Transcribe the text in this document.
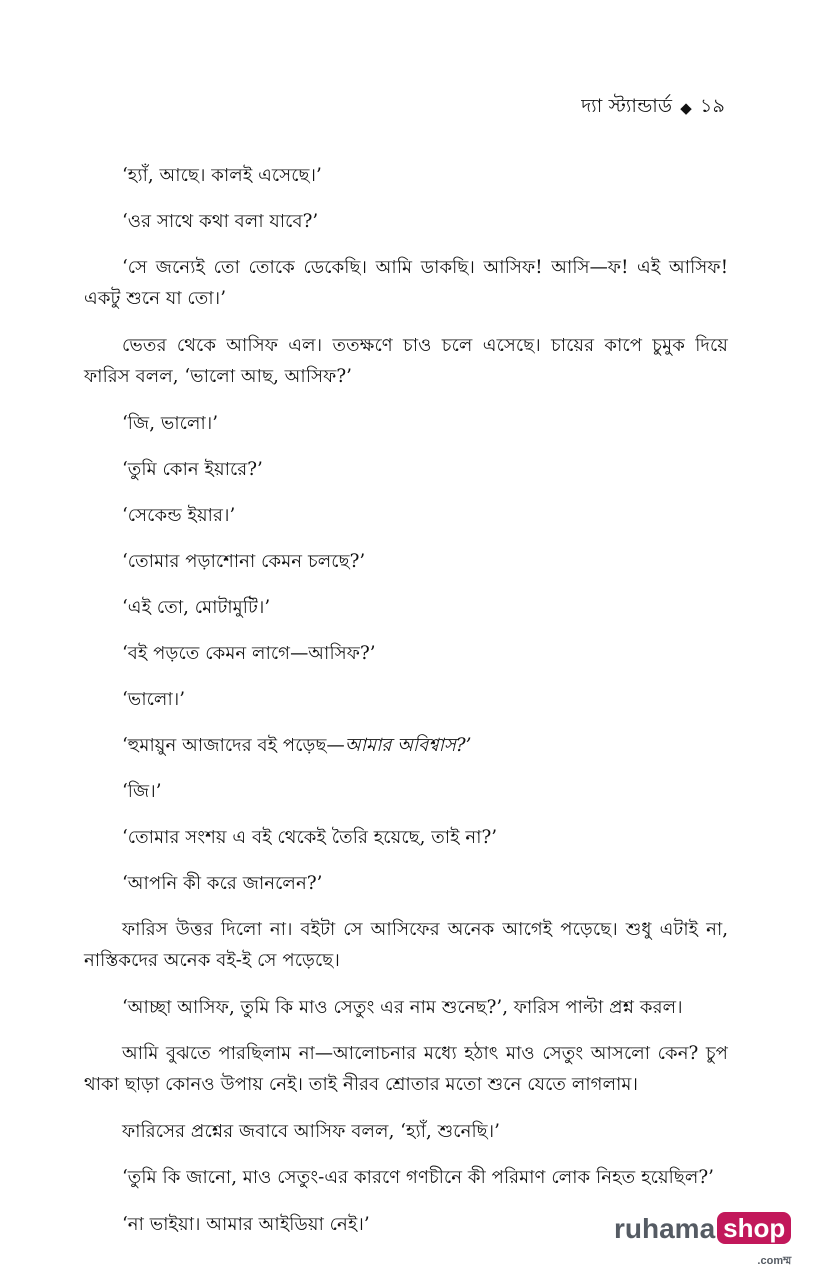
দ্যা স্ট্যান্ডার্ড ◆ ১৯

‘হ্যাঁ, আছে। কালই এসেছে।’

‘ওর সাথে কথা বলা যাবে?’

‘সে জন্যেই তো তোকে ডেকেছি। আমি ডাকছি। আসিফ! আসি—ফ! এই আসিফ! একটু শুনে যা তো।’

ভেতর থেকে আসিফ এল। ততক্ষণে চাও চলে এসেছে। চায়ের কাপে চুমুক দিয়ে ফারিস বলল, ‘ভালো আছ, আসিফ?’

‘জি, ভালো।’

‘তুমি কোন ইয়ারে?’

‘সেকেন্ড ইয়ার।’

‘তোমার পড়াশোনা কেমন চলছে?’

‘এই তো, মোটামুটি।’

‘বই পড়তে কেমন লাগে—আসিফ?’

‘ভালো।’

‘হুমায়ুন আজাদের বই পড়েছ—আমার অবিশ্বাস?’

‘জি।’

‘তোমার সংশয় এ বই থেকেই তৈরি হয়েছে, তাই না?’

‘আপনি কী করে জানলেন?’

ফারিস উত্তর দিলো না। বইটা সে আসিফের অনেক আগেই পড়েছে। শুধু এটাই না, নাস্তিকদের অনেক বই-ই সে পড়েছে।

‘আচ্ছা আসিফ, তুমি কি মাও সেতুং এর নাম শুনেছ?’, ফারিস পাল্টা প্রশ্ন করল।

আমি বুঝতে পারছিলাম না—আলোচনার মধ্যে হঠাৎ মাও সেতুং আসলো কেন? চুপ থাকা ছাড়া কোনও উপায় নেই। তাই নীরব শ্রোতার মতো শুনে যেতে লাগলাম।

ফারিসের প্রশ্নের জবাবে আসিফ বলল, ‘হ্যাঁ, শুনেছি।’

‘তুমি কি জানো, মাও সেতুং-এর কারণে গণচীনে কী পরিমাণ লোক নিহত হয়েছিল?’

‘না ভাইয়া। আমার আইডিয়া নেই।’	ruhama shop
.comম্ম
